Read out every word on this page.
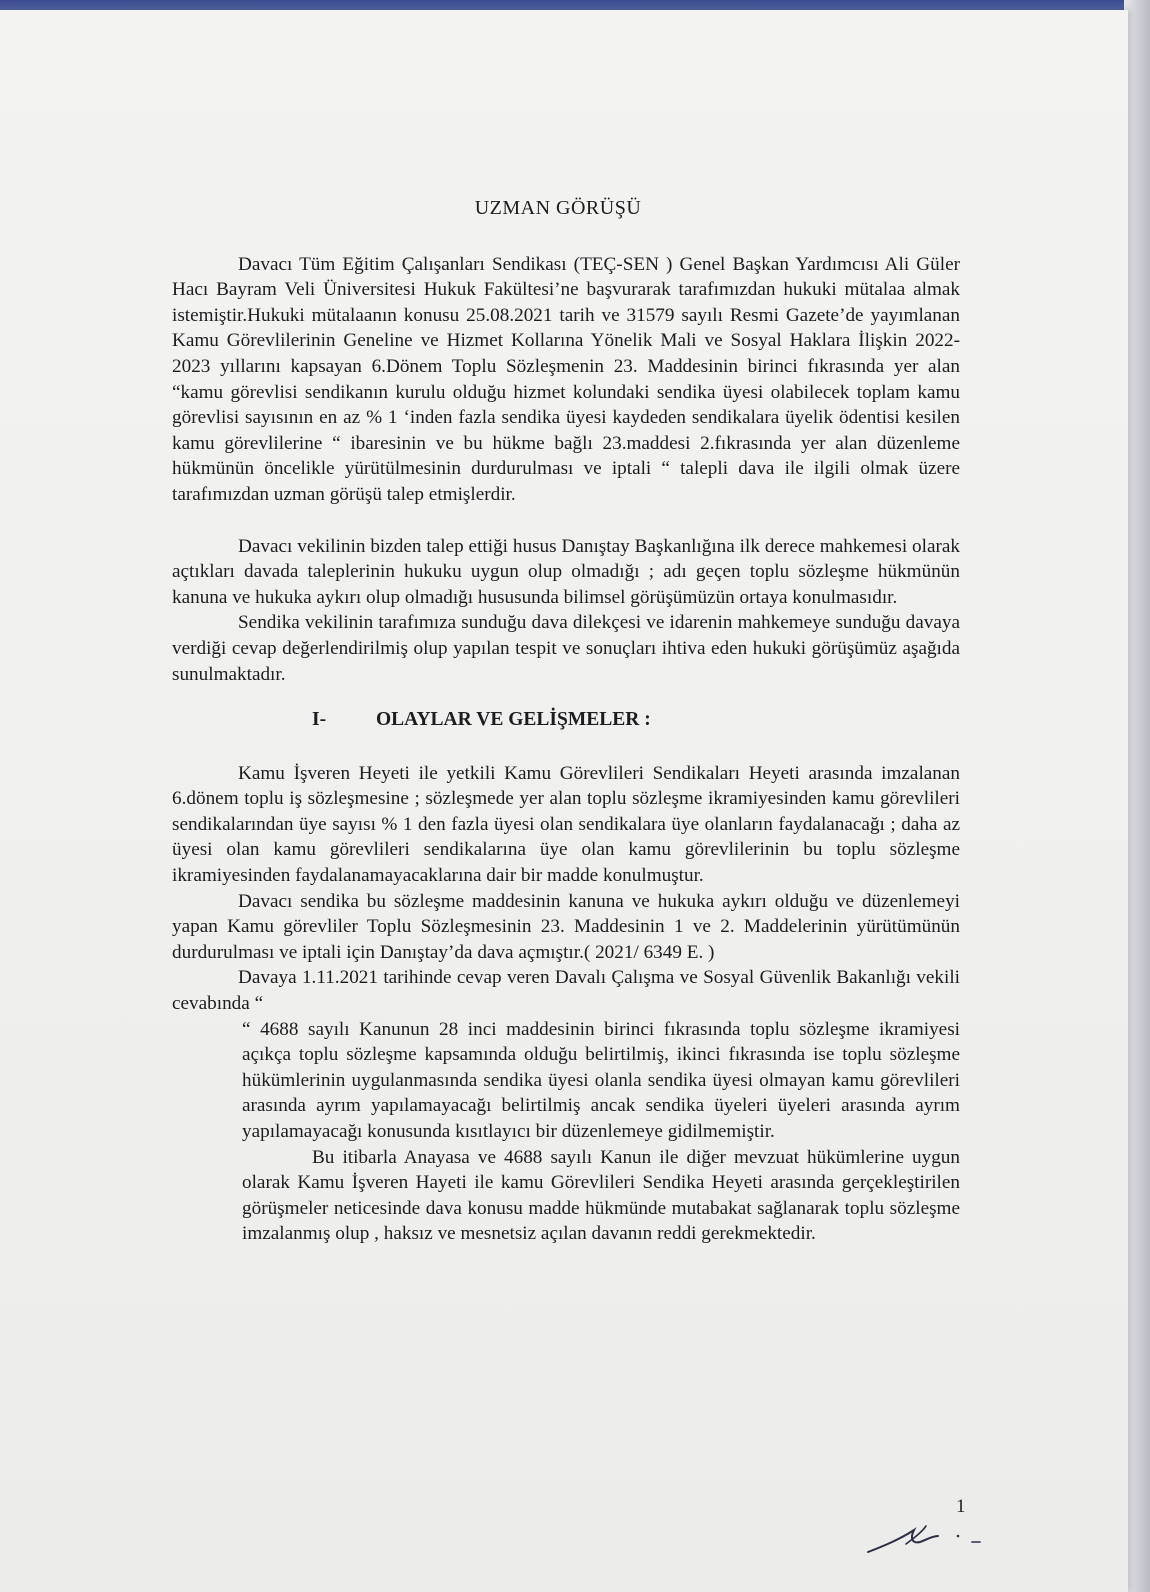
UZMAN GÖRÜŞÜ

Davacı Tüm Eğitim Çalışanları Sendikası (TEÇ-SEN ) Genel Başkan Yardımcısı Ali Güler Hacı Bayram Veli Üniversitesi Hukuk Fakültesi’ne başvurarak tarafımızdan hukuki mütalaa almak istemiştir.Hukuki mütalaanın konusu 25.08.2021 tarih ve 31579 sayılı Resmi Gazete’de yayımlanan Kamu Görevlilerinin Geneline ve Hizmet Kollarına Yönelik Mali ve Sosyal Haklara İlişkin 2022-2023 yıllarını kapsayan 6.Dönem Toplu Sözleşmenin 23. Maddesinin birinci fıkrasında yer alan “kamu görevlisi sendikanın kurulu olduğu hizmet kolundaki sendika üyesi olabilecek toplam kamu görevlisi sayısının en az % 1 ‘inden fazla sendika üyesi kaydeden sendikalara üyelik ödentisi kesilen kamu görevlilerine “ ibaresinin ve bu hükme bağlı 23.maddesi 2.fıkrasında yer alan düzenleme hükmünün öncelikle yürütülmesinin durdurulması ve iptali “ talepli dava ile ilgili olmak üzere tarafımızdan uzman görüşü talep etmişlerdir.

Davacı vekilinin bizden talep ettiği husus Danıştay Başkanlığına ilk derece mahkemesi olarak açtıkları davada taleplerinin hukuku uygun olup olmadığı ; adı geçen toplu sözleşme hükmünün kanuna ve hukuka aykırı olup olmadığı hususunda bilimsel görüşümüzün ortaya konulmasıdır.

Sendika vekilinin tarafımıza sunduğu dava dilekçesi ve idarenin mahkemeye sunduğu davaya verdiği cevap değerlendirilmiş olup yapılan tespit ve sonuçları ihtiva eden hukuki görüşümüz aşağıda sunulmaktadır.

I-	OLAYLAR VE GELİŞMELER :

Kamu İşveren Heyeti ile yetkili Kamu Görevlileri Sendikaları Heyeti arasında imzalanan 6.dönem toplu iş sözleşmesine ; sözleşmede yer alan toplu sözleşme ikramiyesinden kamu görevlileri sendikalarından üye sayısı % 1 den fazla üyesi olan sendikalara üye olanların faydalanacağı ; daha az üyesi olan kamu görevlileri sendikalarına üye olan kamu görevlilerinin bu toplu sözleşme ikramiyesinden faydalanamayacaklarına dair bir madde konulmuştur.

Davacı sendika bu sözleşme maddesinin kanuna ve hukuka aykırı olduğu ve düzenlemeyi yapan Kamu görevliler Toplu Sözleşmesinin 23. Maddesinin 1 ve 2. Maddelerinin yürütümünün durdurulması ve iptali için Danıştay’da dava açmıştır.( 2021/ 6349 E. )

Davaya 1.11.2021 tarihinde cevap veren Davalı Çalışma ve Sosyal Güvenlik Bakanlığı vekili cevabında “

“ 4688 sayılı Kanunun 28 inci maddesinin birinci fıkrasında toplu sözleşme ikramiyesi açıkça toplu sözleşme kapsamında olduğu belirtilmiş, ikinci fıkrasında ise toplu sözleşme hükümlerinin uygulanmasında sendika üyesi olanla sendika üyesi olmayan kamu görevlileri arasında ayrım yapılamayacağı belirtilmiş ancak sendika üyeleri üyeleri arasında ayrım yapılamayacağı konusunda kısıtlayıcı bir düzenlemeye gidilmemiştir.

Bu itibarla Anayasa ve 4688 sayılı Kanun ile diğer mevzuat hükümlerine uygun olarak Kamu İşveren Hayeti ile kamu Görevlileri Sendika Heyeti arasında gerçekleştirilen görüşmeler neticesinde dava konusu madde hükmünde mutabakat sağlanarak toplu sözleşme imzalanmış olup , haksız ve mesnetsiz açılan davanın reddi gerekmektedir.

1
